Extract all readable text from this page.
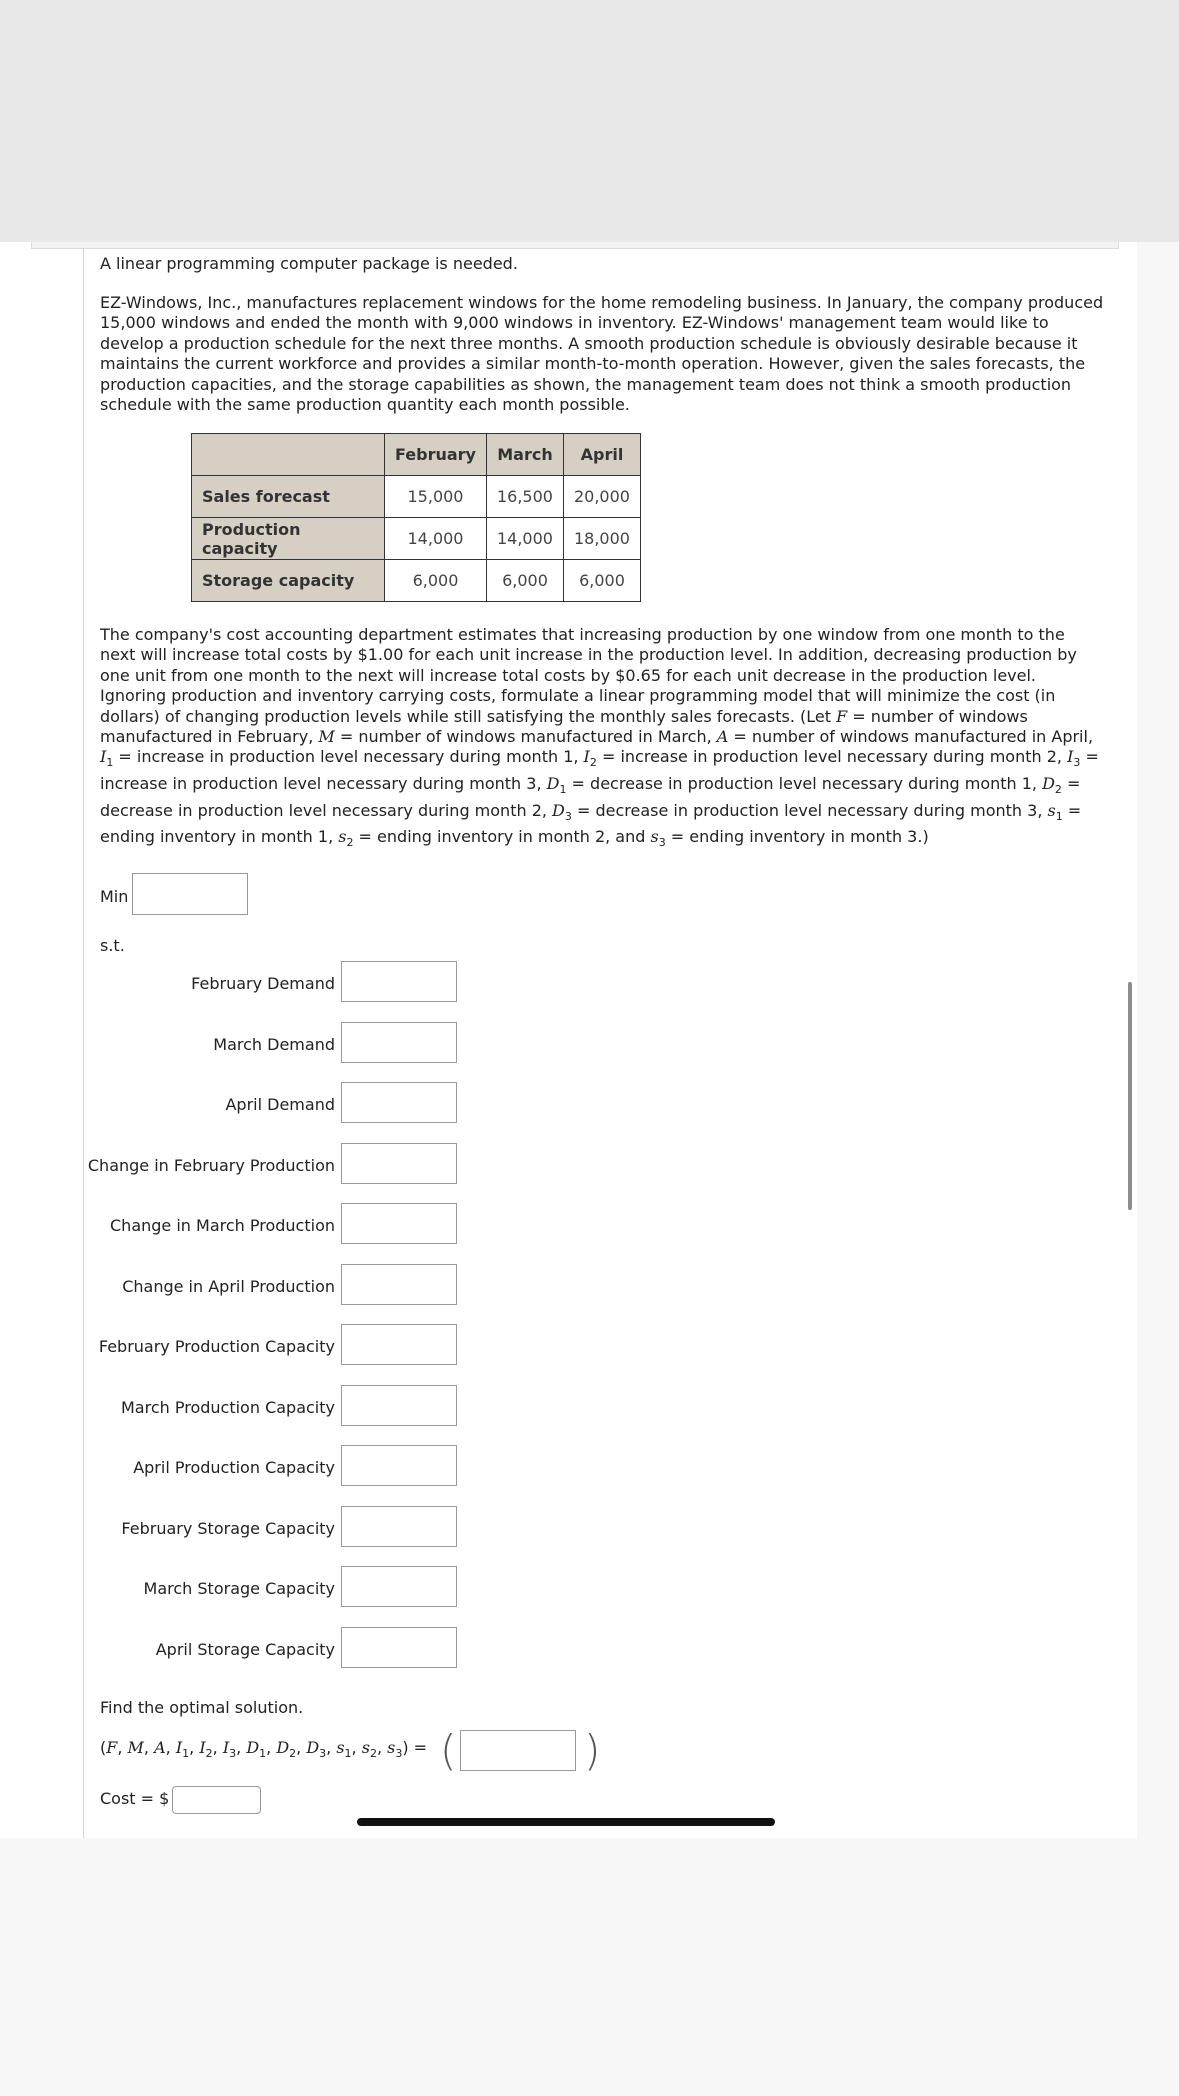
A linear programming computer package is needed.

EZ-Windows, Inc., manufactures replacement windows for the home remodeling business. In January, the company produced 15,000 windows and ended the month with 9,000 windows in inventory. EZ-Windows' management team would like to develop a production schedule for the next three months. A smooth production schedule is obviously desirable because it maintains the current workforce and provides a similar month-to-month operation. However, given the sales forecasts, the production capacities, and the storage capabilities as shown, the management team does not think a smooth production schedule with the same production quantity each month possible.

	February	March	April
Sales forecast	15,000	16,500	20,000
Production capacity	14,000	14,000	18,000
Storage capacity	6,000	6,000	6,000

The company's cost accounting department estimates that increasing production by one window from one month to the next will increase total costs by $1.00 for each unit increase in the production level. In addition, decreasing production by one unit from one month to the next will increase total costs by $0.65 for each unit decrease in the production level. Ignoring production and inventory carrying costs, formulate a linear programming model that will minimize the cost (in dollars) of changing production levels while still satisfying the monthly sales forecasts. (Let F = number of windows manufactured in February, M = number of windows manufactured in March, A = number of windows manufactured in April, $I_1$ = increase in production level necessary during month 1, $I_2$ = increase in production level necessary during month 2, $I_3$ = increase in production level necessary during month 3, $D_1$ = decrease in production level necessary during month 1, $D_2$ = decrease in production level necessary during month 2, $D_3$ = decrease in production level necessary during month 3, $s_1$ = ending inventory in month 1, $s_2$ = ending inventory in month 2, and $s_3$ = ending inventory in month 3.)

Min
s.t.
February Demand
March Demand
April Demand
Change in February Production
Change in March Production
Change in April Production
February Production Capacity
March Production Capacity
April Production Capacity
February Storage Capacity
March Storage Capacity
April Storage Capacity
Find the optimal solution.
(F, M, A, $I_1$, $I_2$, $I_3$, $D_1$, $D_2$, $D_3$, $s_1$, $s_2$, $s_3$) = (	)
Cost = $
